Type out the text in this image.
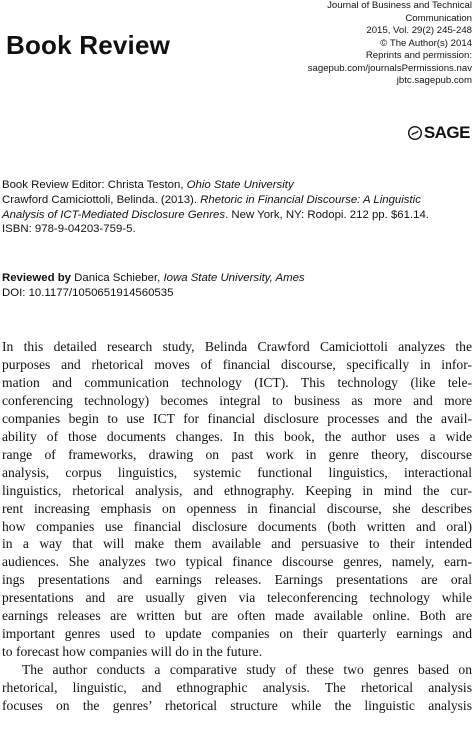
Book Review
Journal of Business and Technical
Communication
2015, Vol. 29(2) 245-248
© The Author(s) 2014
Reprints and permission:
sagepub.com/journalsPermissions.nav
jbtc.sagepub.com
SAGE
Book Review Editor: Christa Teston, Ohio State University
Crawford Camiciottoli, Belinda. (2013). Rhetoric in Financial Discourse: A Linguistic
Analysis of ICT-Mediated Disclosure Genres. New York, NY: Rodopi. 212 pp. $61.14.
ISBN: 978-9-04203-759-5.
Reviewed by Danica Schieber, Iowa State University, Ames
DOI: 10.1177/1050651914560535

In this detailed research study, Belinda Crawford Camiciottoli analyzes the
purposes and rhetorical moves of financial discourse, specifically in infor-
mation and communication technology (ICT). This technology (like tele-
conferencing technology) becomes integral to business as more and more
companies begin to use ICT for financial disclosure processes and the avail-
ability of those documents changes. In this book, the author uses a wide
range of frameworks, drawing on past work in genre theory, discourse
analysis, corpus linguistics, systemic functional linguistics, interactional
linguistics, rhetorical analysis, and ethnography. Keeping in mind the cur-
rent increasing emphasis on openness in financial discourse, she describes
how companies use financial disclosure documents (both written and oral)
in a way that will make them available and persuasive to their intended
audiences. She analyzes two typical finance discourse genres, namely, earn-
ings presentations and earnings releases. Earnings presentations are oral
presentations and are usually given via teleconferencing technology while
earnings releases are written but are often made available online. Both are
important genres used to update companies on their quarterly earnings and
to forecast how companies will do in the future.

The author conducts a comparative study of these two genres based on
rhetorical, linguistic, and ethnographic analysis. The rhetorical analysis
focuses on the genres’ rhetorical structure while the linguistic analysis
